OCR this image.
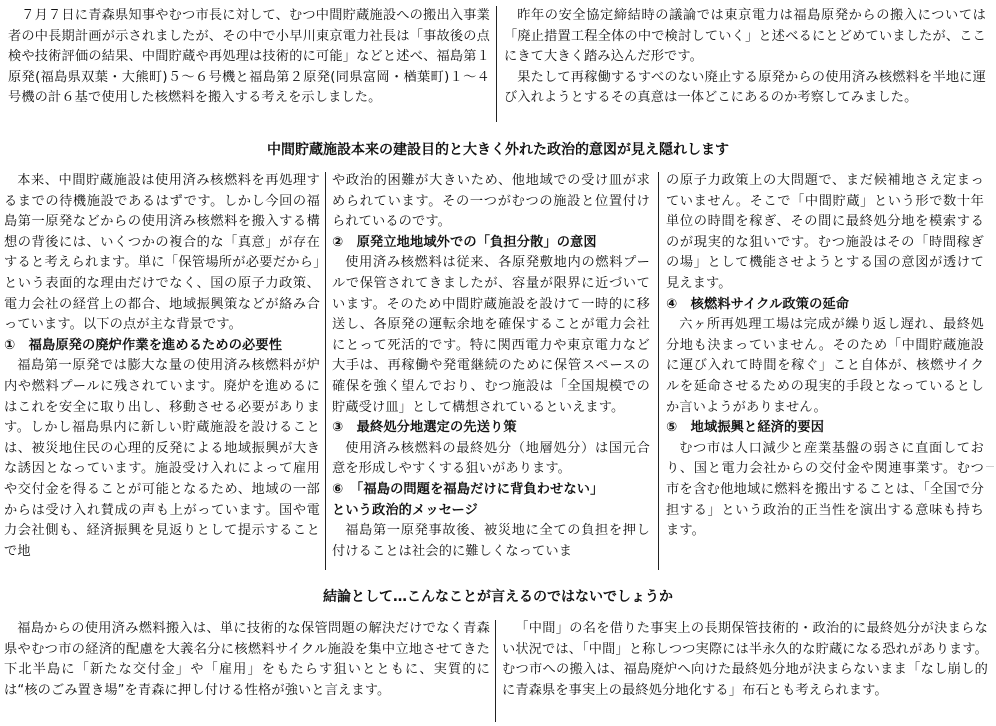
７月７日に青森県知事やむつ市長に対して、むつ中間貯蔵施設への搬出入事業者の中長期計画が示されましたが、その中で小早川東京電力社長は「事故後の点検や技術評価の結果、中間貯蔵や再処理は技術的に可能」などと述べ、福島第１原発(福島県双葉・大熊町)５～６号機と福島第２原発(同県富岡・楢葉町)１～４号機の計６基で使用した核燃料を搬入する考えを示しました。

昨年の安全協定締結時の議論では東京電力は福島原発からの搬入については「廃止措置工程全体の中で検討していく」と述べるにとどめていましたが、ここにきて大きく踏み込んだ形です。

果たして再稼働するすべのない廃止する原発からの使用済み核燃料を半地に運び入れようとするその真意は一体どこにあるのか考察してみました。

中間貯蔵施設本来の建設目的と大きく外れた政治的意図が見え隠れします

本来、中間貯蔵施設は使用済み核燃料を再処理するまでの待機施設であるはずです。しかし今回の福島第一原発などからの使用済み核燃料を搬入する構想の背後には、いくつかの複合的な「真意」が存在すると考えられます。単に「保管場所が必要だから」という表面的な理由だけでなく、国の原子力政策、電力会社の経営上の都合、地域振興策などが絡み合っています。以下の点が主な背景です。

①　福島原発の廃炉作業を進めるための必要性

福島第一原発では膨大な量の使用済み核燃料が炉内や燃料プールに残されています。廃炉を進めるにはこれを安全に取り出し、移動させる必要があります。しかし福島県内に新しい貯蔵施設を設けることは、被災地住民の心理的反発による地域振興が大きな誘因となっています。施設受け入れによって雇用や交付金を得ることが可能となるため、地域の一部からは受け入れ賛成の声も上がっています。国や電力会社側も、経済振興を見返りとして提示することで地

や政治的困難が大きいため、他地域での受け皿が求められています。その一つがむつの施設と位置付けられているのです。

②　原発立地地域外での「負担分散」の意図

使用済み核燃料は従来、各原発敷地内の燃料プールで保管されてきましたが、容量が限界に近づいています。そのため中間貯蔵施設を設けて一時的に移送し、各原発の運転余地を確保することが電力会社にとって死活的です。特に関西電力や東京電力など大手は、再稼働や発電継続のために保管スペースの確保を強く望んでおり、むつ施設は「全国規模での貯蔵受け皿」として構想されているといえます。

③　最終処分地選定の先送り策

使用済み核燃料の最終処分（地層処分）は国元合意を形成しやすくする狙いがあります。

⑥　「福島の問題を福島だけに背負わせない」

という政治的メッセージ

福島第一原発事故後、被災地に全ての負担を押し付けることは社会的に難しくなっていま

の原子力政策上の大問題で、まだ候補地さえ定まっていません。そこで「中間貯蔵」という形で数十年単位の時間を稼ぎ、その間に最終処分地を模索するのが現実的な狙いです。むつ施設はその「時間稼ぎの場」として機能させようとする国の意図が透けて見えます。

④　核燃料サイクル政策の延命

六ヶ所再処理工場は完成が繰り返し遅れ、最終処分地も決まっていません。そのため「中間貯蔵施設に運び入れて時間を稼ぐ」こと自体が、核燃サイクルを延命させるための現実的手段となっているとしか言いようがありません。

⑤　地域振興と経済的要因

むつ市は人口減少と産業基盤の弱さに直面しており、国と電力会社からの交付金や関連事業す。むつ市を含む他地域に燃料を搬出することは、「全国で分担する」という政治的正当性を演出する意味も持ちます。

結論として…こんなことが言えるのではないでしょうか

福島からの使用済み燃料搬入は、単に技術的な保管問題の解決だけでなく青森県やむつ市の経済的配慮を大義名分に核燃料サイクル施設を集中立地させてきた下北半島に「新たな交付金」や「雇用」をもたらす狙いとともに、実質的には“核のごみ置き場”を青森に押し付ける性格が強いと言えます。

「中間」の名を借りた事実上の長期保管技術的・政治的に最終処分が決まらない状況では、「中間」と称しつつ実際には半永久的な貯蔵になる恐れがあります。むつ市への搬入は、福島廃炉へ向けた最終処分地が決まらないまま「なし崩し的に青森県を事実上の最終処分地化する」布石とも考えられます。
